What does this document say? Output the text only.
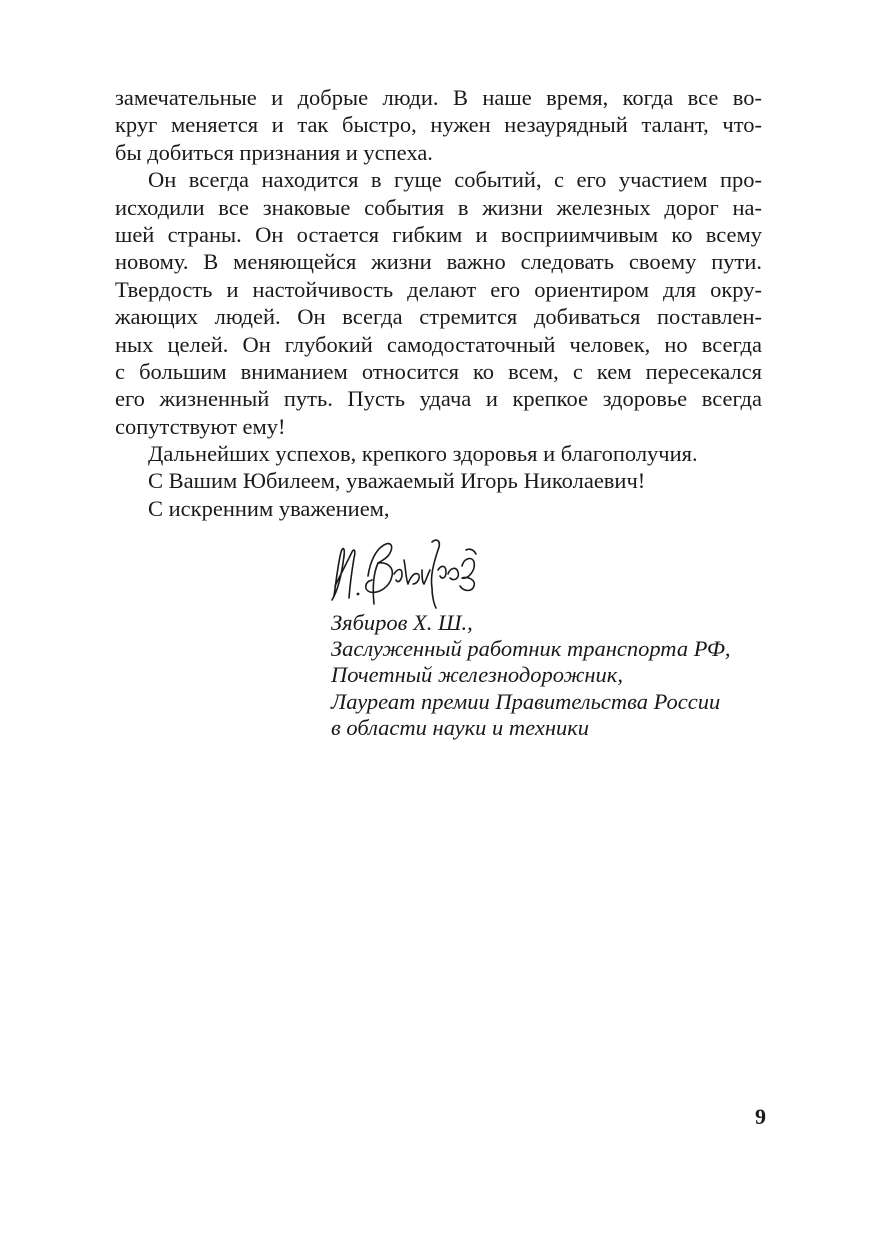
замечательные и добрые люди. В наше время, когда все во-
круг меняется и так быстро, нужен незаурядный талант, что-
бы добиться признания и успеха.
Он всегда находится в гуще событий, с его участием про-
исходили все знаковые события в жизни железных дорог на-
шей страны. Он остается гибким и восприимчивым ко всему
новому. В меняющейся жизни важно следовать своему пути.
Твердость и настойчивость делают его ориентиром для окру-
жающих людей. Он всегда стремится добиваться поставлен-
ных целей. Он глубокий самодостаточный человек, но всегда
с большим вниманием относится ко всем, с кем пересекался
его жизненный путь. Пусть удача и крепкое здоровье всегда
сопутствуют ему!
Дальнейших успехов, крепкого здоровья и благополучия.
С Вашим Юбилеем, уважаемый Игорь Николаевич!
С искренним уважением,
Зябиров Х. Ш.,
Заслуженный работник транспорта РФ,
Почетный железнодорожник,
Лауреат премии Правительства России
в области науки и техники
9
